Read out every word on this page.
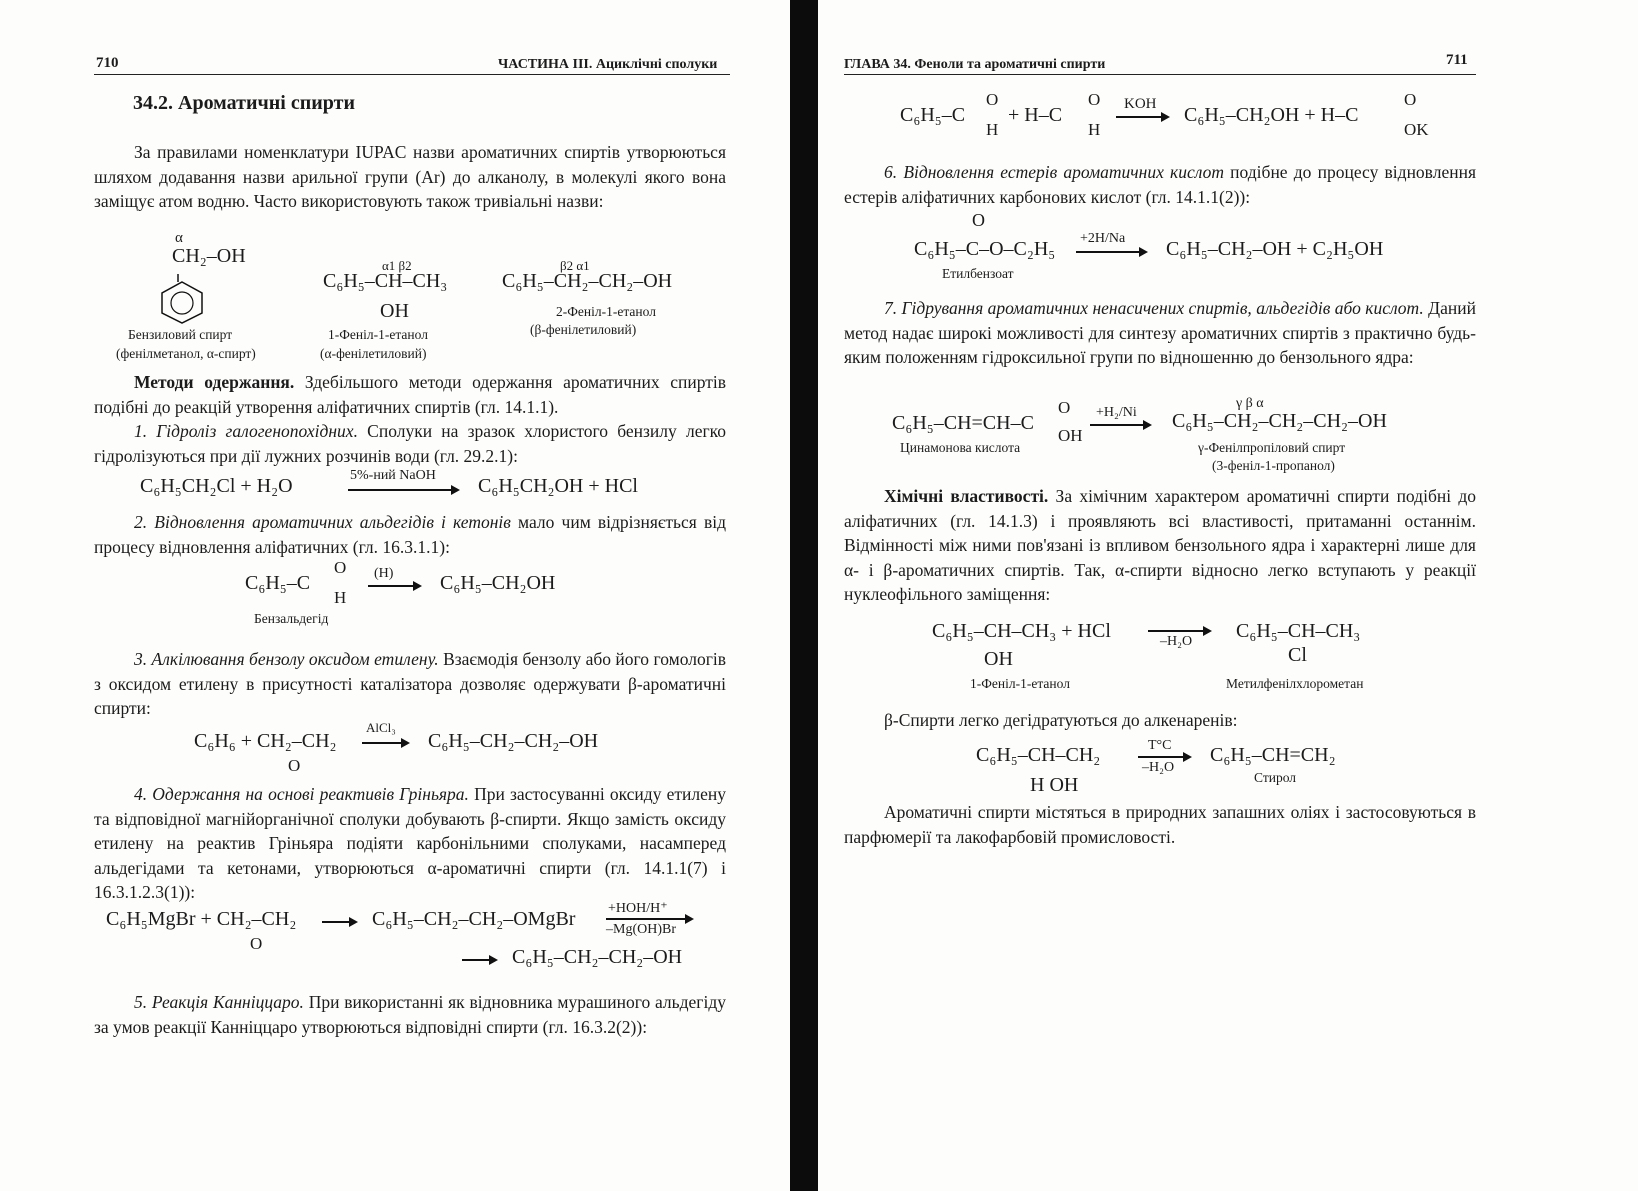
710	ЧАСТИНА III. Ациклічні сполуки
34.2. Ароматичні спирти
За правилами номенклатури IUPAC назви ароматичних спиртів утворюються шляхом додавання назви арильної групи (Ar) до алканолу, в молекулі якого вона заміщує атом водню. Часто використовують також тривіальні назви:
α
CH₂–OH
Бензиловий спирт
(фенілметанол, α-спирт)
α1 β2
C₆H₅–CH–CH₃
OH
1-Феніл-1-етанол
(α-фенілетиловий)
β2 α1
C₆H₅–CH₂–CH₂–OH
2-Феніл-1-етанол
(β-фенілетиловий)
Методи одержання. Здебільшого методи одержання ароматичних спиртів подібні до реакцій утворення аліфатичних спиртів (гл. 14.1.1).
1. Гідроліз галогенопохідних. Сполуки на зразок хлористого бензилу легко гідролізуються при дії лужних розчинів води (гл. 29.2.1):
C₆H₅CH₂Cl + H₂O	5%-ний NaOH C₆H₅CH₂OH + HCl
2. Відновлення ароматичних альдегідів і кетонів мало чим відрізняється від процесу відновлення аліфатичних (гл. 16.3.1.1):
C₆H₅–C
O
H
(H) C₆H₅–CH₂OH
Бензальдегід
3. Алкілювання бензолу оксидом етилену. Взаємодія бензолу або його гомологів з оксидом етилену в присутності каталізатора дозволяє одержувати β-ароматичні спирти:
C₆H₆ + CH₂–CH₂
O
AlCl₃
C₆H₅–CH₂–CH₂–OH
4. Одержання на основі реактивів Гріньяра. При застосуванні оксиду етилену та відповідної магнійорганічної сполуки добувають β-спирти. Якщо замість оксиду етилену на реактив Гріньяра подіяти карбонільними сполуками, насамперед альдегідами та кетонами, утворюються α-ароматичні спирти (гл. 14.1.1(7) і 16.3.1.2.3(1)):
C₆H₅MgBr + CH₂–CH₂
O
C₆H₅–CH₂–CH₂–OMgBr +HOH/H⁺
–Mg(OH)Br
C₆H₅–CH₂–CH₂–OH
5. Реакція Канніццаро. При використанні як відновника мурашиного альдегіду за умов реакції Канніццаро утворюються відповідні спирти (гл. 16.3.2(2)):
ГЛАВА 34. Феноли та ароматичні спирти	711
C₆H₅–C
O
H
+ H–C
O
H
KOH C₆H₅–CH₂OH + H–C
O
OK
6. Відновлення естерів ароматичних кислот подібне до процесу відновлення естерів аліфатичних карбонових кислот (гл. 14.1.1(2)):
O
C₆H₅–C–O–C₂H₅ +2H/Na C₆H₅–CH₂–OH + C₂H₅OH
Етилбензоат
7. Гідрування ароматичних ненасичених спиртів, альдегідів або кислот. Даний метод надає широкі можливості для синтезу ароматичних спиртів з практично будь-яким положенням гідроксильної групи по відношенню до бензольного ядра:
C₆H₅–CH=CH–C
O
OH
+H₂/Ni
γ β α
C₆H₅–CH₂–CH₂–CH₂–OH
Цинамонова кислота	γ-Фенілпропіловий спирт
(3-феніл-1-пропанол)
Хімічні властивості. За хімічним характером ароматичні спирти подібні до аліфатичних (гл. 14.1.3) і проявляють всі властивості, притаманні останнім. Відмінності між ними пов'язані із впливом бензольного ядра і характерні лише для α- і β-ароматичних спиртів. Так, α-спирти відносно легко вступають у реакції нуклеофільного заміщення:
C₆H₅–CH–CH₃ + HCl
OH
–H₂O C₆H₅–CH–CH₃
Cl
1-Феніл-1-етанол	Метилфенілхлорометан
β-Спирти легко дегідратуються до алкенаренів:
C₆H₅–CH–CH₂
H OH
T°C
–H₂O
C₆H₅–CH=CH₂
Стирол
Ароматичні спирти містяться в природних запашних оліях і застосовуються в парфюмерії та лакофарбовій промисловості.
